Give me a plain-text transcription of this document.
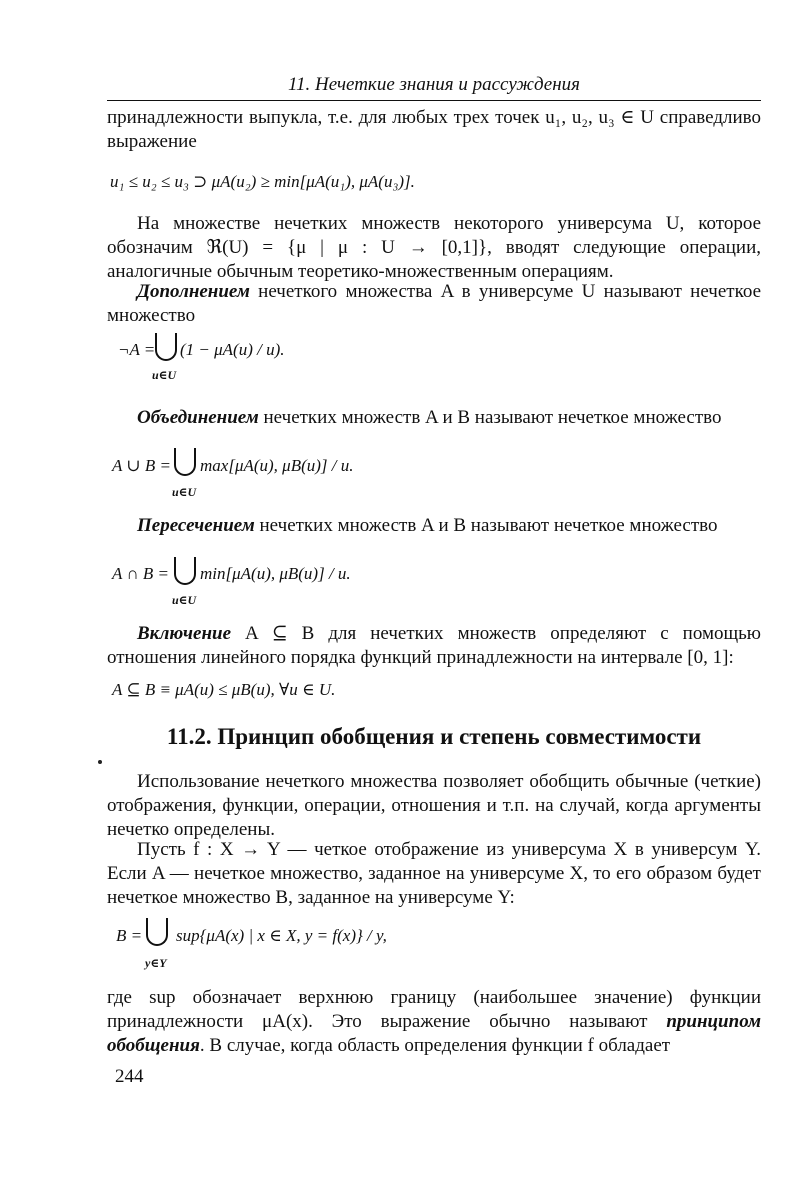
11. Нечеткие знания и рассуждения
принадлежности выпукла, т.е. для любых трех точек u₁, u₂, u₃ ∈ U справедливо выражение
u₁ ≤ u₂ ≤ u₃ ⊃ μA(u₂) ≥ min[μA(u₁), μA(u₃)].
На множестве нечетких множеств некоторого универсума U, которое обозначим ℜ(U) = {μ | μ : U → [0,1]}, вводят следующие операции, аналогичные обычным теоретико-множественным операциям.
Дополнением нечеткого множества A в универсуме U называют нечеткое множество
¬A = (1 − μA(u) / u).
u∈U
Объединением нечетких множеств A и B называют нечеткое множество
A ∪ B = max[μA(u), μB(u)] / u.
u∈U
Пересечением нечетких множеств A и B называют нечеткое множество
A ∩ B = min[μA(u), μB(u)] / u.
u∈U
Включение A ⊆ B для нечетких множеств определяют с помощью отношения линейного порядка функций принадлежности на интервале [0, 1]:
A ⊆ B ≡ μA(u) ≤ μB(u), ∀u ∈ U.
11.2. Принцип обобщения и степень совместимости
Использование нечеткого множества позволяет обобщить обычные (четкие) отображения, функции, операции, отношения и т.п. на случай, когда аргументы нечетко определены.
Пусть f : X → Y — четкое отображение из универсума X в универсум Y. Если A — нечеткое множество, заданное на универсуме X, то его образом будет нечеткое множество B, заданное на универсуме Y:
B = sup{μA(x) | x ∈ X, y = f(x)} / y,
y∈Y
где sup обозначает верхнюю границу (наибольшее значение) функции принадлежности μA(x). Это выражение обычно называют принципом обобщения. В случае, когда область определения функции f обладает
244
